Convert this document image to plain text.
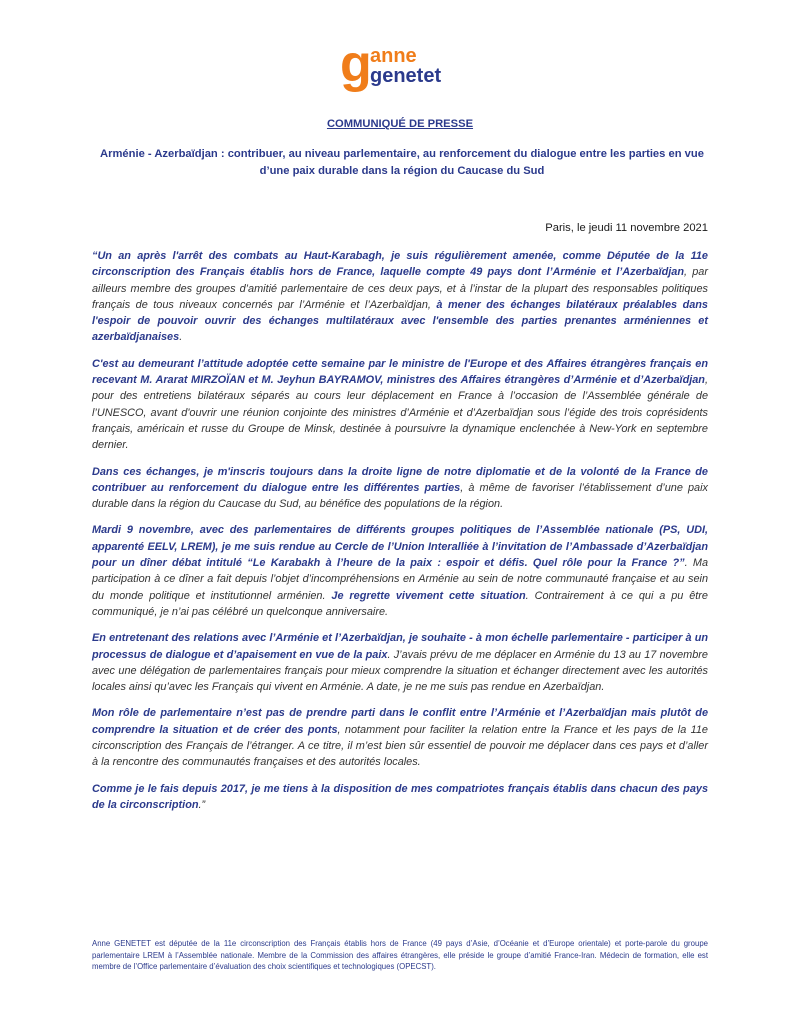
g anne
genetet
COMMUNIQUÉ DE PRESSE
Arménie - Azerbaïdjan : contribuer, au niveau parlementaire, au renforcement du dialogue entre les parties en vue d’une paix durable dans la région du Caucase du Sud
Paris, le jeudi 11 novembre 2021

“Un an après l'arrêt des combats au Haut-Karabagh, je suis régulièrement amenée, comme Députée de la 11e circonscription des Français établis hors de France, laquelle compte 49 pays dont l’Arménie et l’Azerbaïdjan, par ailleurs membre des groupes d’amitié parlementaire de ces deux pays, et à l’instar de la plupart des responsables politiques français de tous niveaux concernés par l’Arménie et l’Azerbaïdjan, à mener des échanges bilatéraux préalables dans l'espoir de pouvoir ouvrir des échanges multilatéraux avec l'ensemble des parties prenantes arméniennes et azerbaïdjanaises.

C'est au demeurant l’attitude adoptée cette semaine par le ministre de l'Europe et des Affaires étrangères français en recevant M. Ararat MIRZOÏAN et M. Jeyhun BAYRAMOV, ministres des Affaires étrangères d’Arménie et d’Azerbaïdjan, pour des entretiens bilatéraux séparés au cours leur déplacement en France à l’occasion de l’Assemblée générale de l’UNESCO, avant d'ouvrir une réunion conjointe des ministres d’Arménie et d’Azerbaïdjan sous l’égide des trois coprésidents français, américain et russe du Groupe de Minsk, destinée à poursuivre la dynamique enclenchée à New-York en septembre dernier.

Dans ces échanges, je m'inscris toujours dans la droite ligne de notre diplomatie et de la volonté de la France de contribuer au renforcement du dialogue entre les différentes parties, à même de favoriser l’établissement d’une paix durable dans la région du Caucase du Sud, au bénéfice des populations de la région.

Mardi 9 novembre, avec des parlementaires de différents groupes politiques de l’Assemblée nationale (PS, UDI, apparenté EELV, LREM), je me suis rendue au Cercle de l’Union Interalliée à l’invitation de l’Ambassade d’Azerbaïdjan pour un dîner débat intitulé “Le Karabakh à l’heure de la paix : espoir et défis. Quel rôle pour la France ?”. Ma participation à ce dîner a fait depuis l’objet d’incompréhensions en Arménie au sein de notre communauté française et au sein du monde politique et institutionnel arménien. Je regrette vivement cette situation. Contrairement à ce qui a pu être communiqué, je n’ai pas célébré un quelconque anniversaire.

En entretenant des relations avec l’Arménie et l’Azerbaïdjan, je souhaite - à mon échelle parlementaire - participer à un processus de dialogue et d’apaisement en vue de la paix. J’avais prévu de me déplacer en Arménie du 13 au 17 novembre avec une délégation de parlementaires français pour mieux comprendre la situation et échanger directement avec les autorités locales ainsi qu’avec les Français qui vivent en Arménie. A date, je ne me suis pas rendue en Azerbaïdjan.

Mon rôle de parlementaire n’est pas de prendre parti dans le conflit entre l’Arménie et l’Azerbaïdjan mais plutôt de comprendre la situation et de créer des ponts, notamment pour faciliter la relation entre la France et les pays de la 11e circonscription des Français de l’étranger. A ce titre, il m’est bien sûr essentiel de pouvoir me déplacer dans ces pays et d’aller à la rencontre des communautés françaises et des autorités locales.

Comme je le fais depuis 2017, je me tiens à la disposition de mes compatriotes français établis dans chacun des pays de la circonscription.”

Anne GENETET est députée de la 11e circonscription des Français établis hors de France (49 pays d’Asie, d’Océanie et d’Europe orientale) et porte-parole du groupe parlementaire LREM à l’Assemblée nationale. Membre de la Commission des affaires étrangères, elle préside le groupe d’amitié France-Iran. Médecin de formation, elle est membre de l’Office parlementaire d’évaluation des choix scientifiques et technologiques (OPECST).
